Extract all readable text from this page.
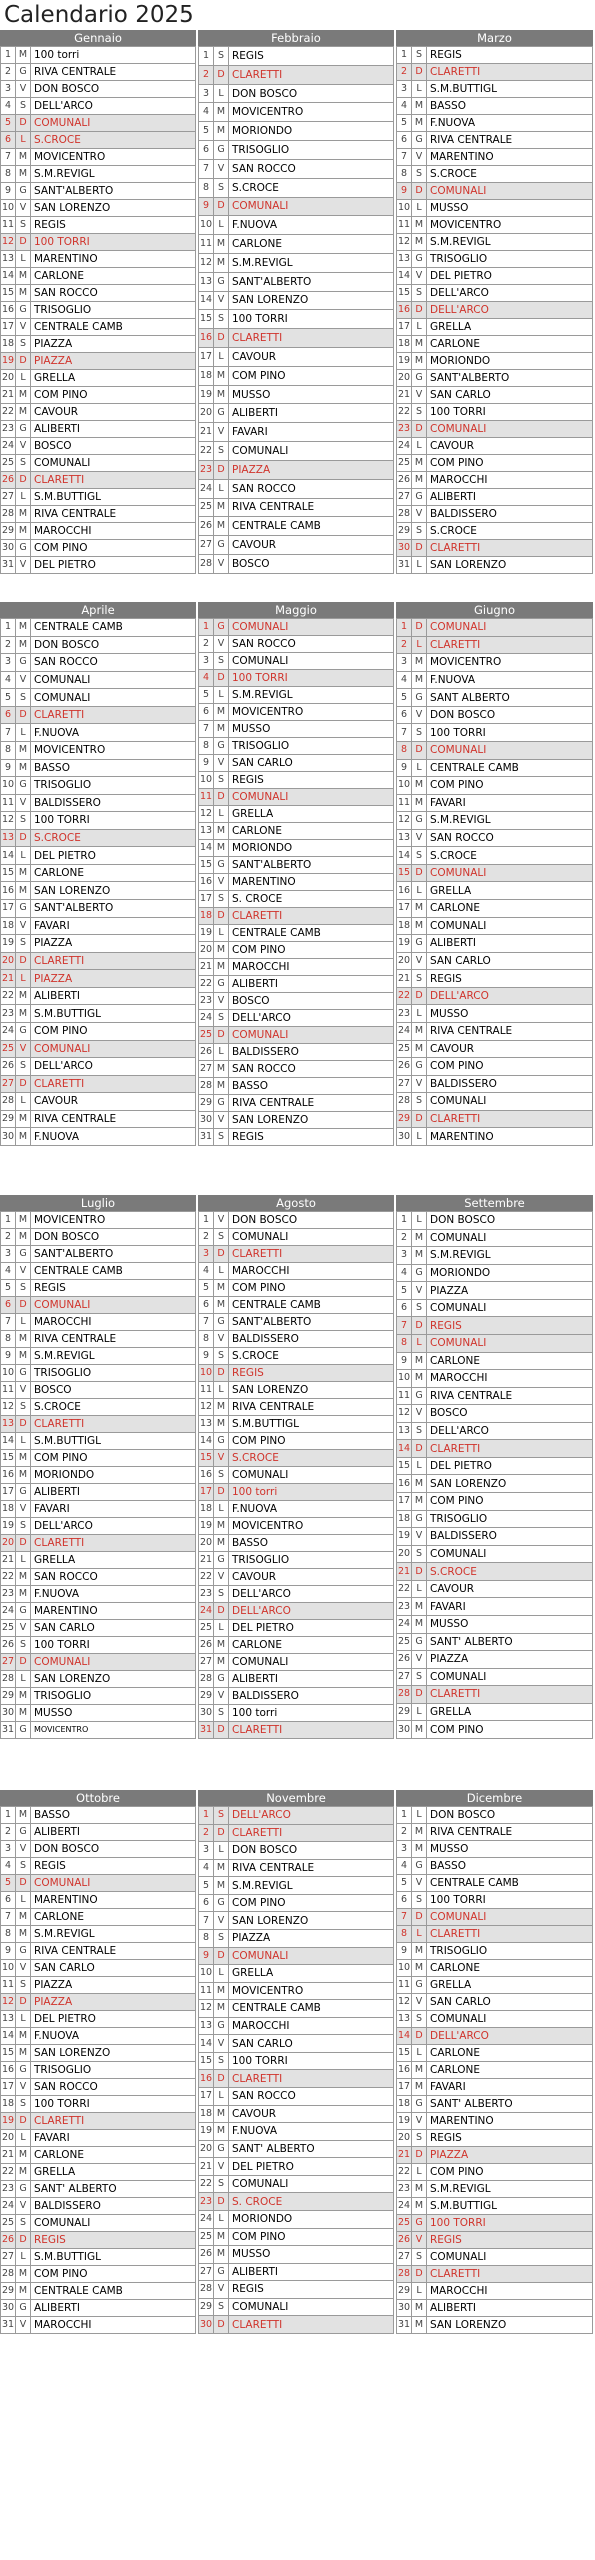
Calendario 2025
Gennaio	Febbraio	Marzo
1	M	100 torri
2	G	RIVA CENTRALE
3	V	DON BOSCO
4	S	DELL'ARCO
5	D	COMUNALI
6	L	S.CROCE
7	M	MOVICENTRO
8	M	S.M.REVIGL
9	G	SANT'ALBERTO
10	V	SAN LORENZO
11	S	REGIS
12	D	100 TORRI
13	L	MARENTINO
14	M	CARLONE
15	M	SAN ROCCO
16	G	TRISOGLIO
17	V	CENTRALE CAMB
18	S	PIAZZA
19	D	PIAZZA
20	L	GRELLA
21	M	COM PINO
22	M	CAVOUR
23	G	ALIBERTI
24	V	BOSCO
25	S	COMUNALI
26	D	CLARETTI
27	L	S.M.BUTTIGL
28	M	RIVA CENTRALE
29	M	MAROCCHI
30	G	COM PINO
31	V	DEL PIETRO
1	S	REGIS
2	D	CLARETTI
3	L	DON BOSCO
4	M	MOVICENTRO
5	M	MORIONDO
6	G	TRISOGLIO
7	V	SAN ROCCO
8	S	S.CROCE
9	D	COMUNALI
10	L	F.NUOVA
11	M	CARLONE
12	M	S.M.REVIGL
13	G	SANT'ALBERTO
14	V	SAN LORENZO
15	S	100 TORRI
16	D	CLARETTI
17	L	CAVOUR
18	M	COM PINO
19	M	MUSSO
20	G	ALIBERTI
21	V	FAVARI
22	S	COMUNALI
23	D	PIAZZA
24	L	SAN ROCCO
25	M	RIVA CENTRALE
26	M	CENTRALE CAMB
27	G	CAVOUR
28	V	BOSCO
1	S	REGIS
2	D	CLARETTI
3	L	S.M.BUTTIGL
4	M	BASSO
5	M	F.NUOVA
6	G	RIVA CENTRALE
7	V	MARENTINO
8	S	S.CROCE
9	D	COMUNALI
10	L	MUSSO
11	M	MOVICENTRO
12	M	S.M.REVIGL
13	G	TRISOGLIO
14	V	DEL PIETRO
15	S	DELL'ARCO
16	D	DELL'ARCO
17	L	GRELLA
18	M	CARLONE
19	M	MORIONDO
20	G	SANT'ALBERTO
21	V	SAN CARLO
22	S	100 TORRI
23	D	COMUNALI
24	L	CAVOUR
25	M	COM PINO
26	M	MAROCCHI
27	G	ALIBERTI
28	V	BALDISSERO
29	S	S.CROCE
30	D	CLARETTI
31	L	SAN LORENZO
Aprile	Maggio	Giugno
1	M	CENTRALE CAMB
2	M	DON BOSCO
3	G	SAN ROCCO
4	V	COMUNALI
5	S	COMUNALI
6	D	CLARETTI
7	L	F.NUOVA
8	M	MOVICENTRO
9	M	BASSO
10	G	TRISOGLIO
11	V	BALDISSERO
12	S	100 TORRI
13	D	S.CROCE
14	L	DEL PIETRO
15	M	CARLONE
16	M	SAN LORENZO
17	G	SANT'ALBERTO
18	V	FAVARI
19	S	PIAZZA
20	D	CLARETTI
21	L	PIAZZA
22	M	ALIBERTI
23	M	S.M.BUTTIGL
24	G	COM PINO
25	V	COMUNALI
26	S	DELL'ARCO
27	D	CLARETTI
28	L	CAVOUR
29	M	RIVA CENTRALE
30	M	F.NUOVA
1	G	COMUNALI
2	V	SAN ROCCO
3	S	COMUNALI
4	D	100 TORRI
5	L	S.M.REVIGL
6	M	MOVICENTRO
7	M	MUSSO
8	G	TRISOGLIO
9	V	SAN CARLO
10	S	REGIS
11	D	COMUNALI
12	L	GRELLA
13	M	CARLONE
14	M	MORIONDO
15	G	SANT'ALBERTO
16	V	MARENTINO
17	S	S. CROCE
18	D	CLARETTI
19	L	CENTRALE CAMB
20	M	COM PINO
21	M	MAROCCHI
22	G	ALIBERTI
23	V	BOSCO
24	S	DELL'ARCO
25	D	COMUNALI
26	L	BALDISSERO
27	M	SAN ROCCO
28	M	BASSO
29	G	RIVA CENTRALE
30	V	SAN LORENZO
31	S	REGIS
1	D	COMUNALI
2	L	CLARETTI
3	M	MOVICENTRO
4	M	F.NUOVA
5	G	SANT ALBERTO
6	V	DON BOSCO
7	S	100 TORRI
8	D	COMUNALI
9	L	CENTRALE CAMB
10	M	COM PINO
11	M	FAVARI
12	G	S.M.REVIGL
13	V	SAN ROCCO
14	S	S.CROCE
15	D	COMUNALI
16	L	GRELLA
17	M	CARLONE
18	M	COMUNALI
19	G	ALIBERTI
20	V	SAN CARLO
21	S	REGIS
22	D	DELL'ARCO
23	L	MUSSO
24	M	RIVA CENTRALE
25	M	CAVOUR
26	G	COM PINO
27	V	BALDISSERO
28	S	COMUNALI
29	D	CLARETTI
30	L	MARENTINO
Luglio	Agosto	Settembre
1	M	MOVICENTRO
2	M	DON BOSCO
3	G	SANT'ALBERTO
4	V	CENTRALE CAMB
5	S	REGIS
6	D	COMUNALI
7	L	MAROCCHI
8	M	RIVA CENTRALE
9	M	S.M.REVIGL
10	G	TRISOGLIO
11	V	BOSCO
12	S	S.CROCE
13	D	CLARETTI
14	L	S.M.BUTTIGL
15	M	COM PINO
16	M	MORIONDO
17	G	ALIBERTI
18	V	FAVARI
19	S	DELL'ARCO
20	D	CLARETTI
21	L	GRELLA
22	M	SAN ROCCO
23	M	F.NUOVA
24	G	MARENTINO
25	V	SAN CARLO
26	S	100 TORRI
27	D	COMUNALI
28	L	SAN LORENZO
29	M	TRISOGLIO
30	M	MUSSO
31	G	MOVICENTRO
1	V	DON BOSCO
2	S	COMUNALI
3	D	CLARETTI
4	L	MAROCCHI
5	M	COM PINO
6	M	CENTRALE CAMB
7	G	SANT'ALBERTO
8	V	BALDISSERO
9	S	S.CROCE
10	D	REGIS
11	L	SAN LORENZO
12	M	RIVA CENTRALE
13	M	S.M.BUTTIGL
14	G	COM PINO
15	V	S.CROCE
16	S	COMUNALI
17	D	100 torri
18	L	F.NUOVA
19	M	MOVICENTRO
20	M	BASSO
21	G	TRISOGLIO
22	V	CAVOUR
23	S	DELL'ARCO
24	D	DELL'ARCO
25	L	DEL PIETRO
26	M	CARLONE
27	M	COMUNALI
28	G	ALIBERTI
29	V	BALDISSERO
30	S	100 torri
31	D	CLARETTI
1	L	DON BOSCO
2	M	COMUNALI
3	M	S.M.REVIGL
4	G	MORIONDO
5	V	PIAZZA
6	S	COMUNALI
7	D	REGIS
8	L	COMUNALI
9	M	CARLONE
10	M	MAROCCHI
11	G	RIVA CENTRALE
12	V	BOSCO
13	S	DELL'ARCO
14	D	CLARETTI
15	L	DEL PIETRO
16	M	SAN LORENZO
17	M	COM PINO
18	G	TRISOGLIO
19	V	BALDISSERO
20	S	COMUNALI
21	D	S.CROCE
22	L	CAVOUR
23	M	FAVARI
24	M	MUSSO
25	G	SANT' ALBERTO
26	V	PIAZZA
27	S	COMUNALI
28	D	CLARETTI
29	L	GRELLA
30	M	COM PINO
Ottobre	Novembre	Dicembre
1	M	BASSO
2	G	ALIBERTI
3	V	DON BOSCO
4	S	REGIS
5	D	COMUNALI
6	L	MARENTINO
7	M	CARLONE
8	M	S.M.REVIGL
9	G	RIVA CENTRALE
10	V	SAN CARLO
11	S	PIAZZA
12	D	PIAZZA
13	L	DEL PIETRO
14	M	F.NUOVA
15	M	SAN LORENZO
16	G	TRISOGLIO
17	V	SAN ROCCO
18	S	100 TORRI
19	D	CLARETTI
20	L	FAVARI
21	M	CARLONE
22	M	GRELLA
23	G	SANT' ALBERTO
24	V	BALDISSERO
25	S	COMUNALI
26	D	REGIS
27	L	S.M.BUTTIGL
28	M	COM PINO
29	M	CENTRALE CAMB
30	G	ALIBERTI
31	V	MAROCCHI
1	S	DELL'ARCO
2	D	CLARETTI
3	L	DON BOSCO
4	M	RIVA CENTRALE
5	M	S.M.REVIGL
6	G	COM PINO
7	V	SAN LORENZO
8	S	PIAZZA
9	D	COMUNALI
10	L	GRELLA
11	M	MOVICENTRO
12	M	CENTRALE CAMB
13	G	MAROCCHI
14	V	SAN CARLO
15	S	100 TORRI
16	D	CLARETTI
17	L	SAN ROCCO
18	M	CAVOUR
19	M	F.NUOVA
20	G	SANT' ALBERTO
21	V	DEL PIETRO
22	S	COMUNALI
23	D	S. CROCE
24	L	MORIONDO
25	M	COM PINO
26	M	MUSSO
27	G	ALIBERTI
28	V	REGIS
29	S	COMUNALI
30	D	CLARETTI
1	L	DON BOSCO
2	M	RIVA CENTRALE
3	M	MUSSO
4	G	BASSO
5	V	CENTRALE CAMB
6	S	100 TORRI
7	D	COMUNALI
8	L	CLARETTI
9	M	TRISOGLIO
10	M	CARLONE
11	G	GRELLA
12	V	SAN CARLO
13	S	COMUNALI
14	D	DELL'ARCO
15	L	CARLONE
16	M	CARLONE
17	M	FAVARI
18	G	SANT' ALBERTO
19	V	MARENTINO
20	S	REGIS
21	D	PIAZZA
22	L	COM PINO
23	M	S.M.REVIGL
24	M	S.M.BUTTIGL
25	G	100 TORRI
26	V	REGIS
27	S	COMUNALI
28	D	CLARETTI
29	L	MAROCCHI
30	M	ALIBERTI
31	M	SAN LORENZO
